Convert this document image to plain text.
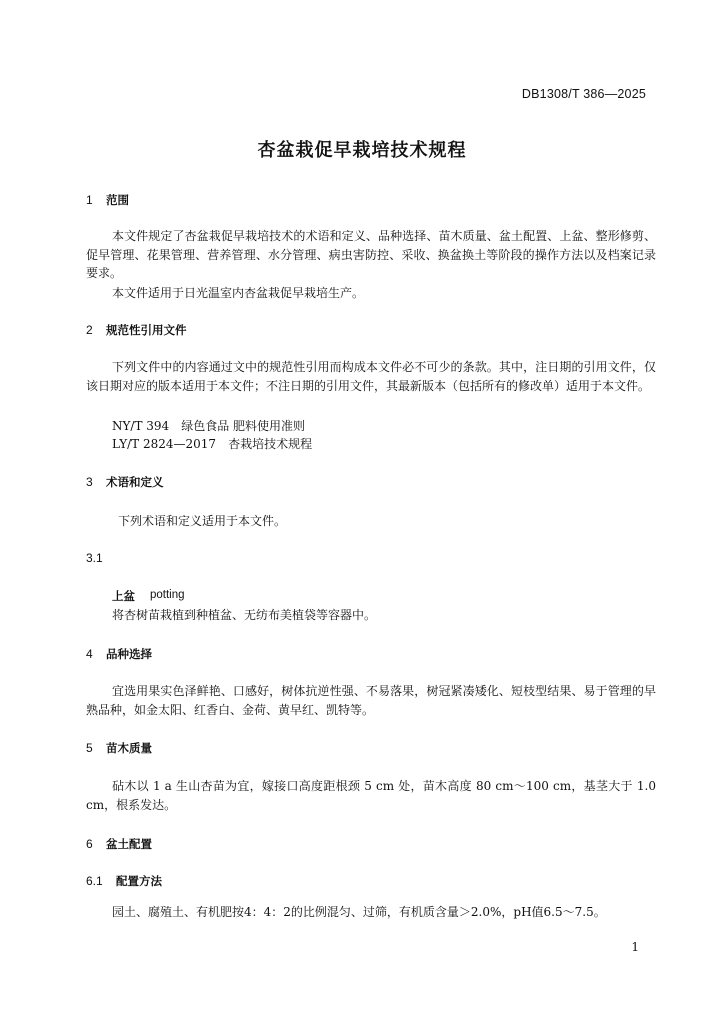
DB1308/T 386—2025
杏盆栽促早栽培技术规程
1 范围
本文件规定了杏盆栽促早栽培技术的术语和定义、品种选择、苗木质量、盆土配置、上盆、整形修剪、促早管理、花果管理、营养管理、水分管理、病虫害防控、采收、换盆换土等阶段的操作方法以及档案记录要求。
本文件适用于日光温室内杏盆栽促早栽培生产。
2 规范性引用文件
下列文件中的内容通过文中的规范性引用而构成本文件必不可少的条款。其中，注日期的引用文件，仅该日期对应的版本适用于本文件；不注日期的引用文件，其最新版本（包括所有的修改单）适用于本文件。
NY/T 394　绿色食品 肥料使用准则
LY/T 2824—2017　杏栽培技术规程
3 术语和定义
下列术语和定义适用于本文件。
3.1
上盆 potting
将杏树苗栽植到种植盆、无纺布美植袋等容器中。
4 品种选择
宜选用果实色泽鲜艳、口感好，树体抗逆性强、不易落果，树冠紧凑矮化、短枝型结果、易于管理的早熟品种，如金太阳、红香白、金荷、黄早红、凯特等。
5 苗木质量
砧木以 1 a 生山杏苗为宜，嫁接口高度距根颈 5 cm 处，苗木高度 80 cm～100 cm，基茎大于 1.0 cm，根系发达。
6 盆土配置
6.1 配置方法
园土、腐殖土、有机肥按4：4：2的比例混匀、过筛，有机质含量＞2.0%，pH值6.5～7.5。
1
